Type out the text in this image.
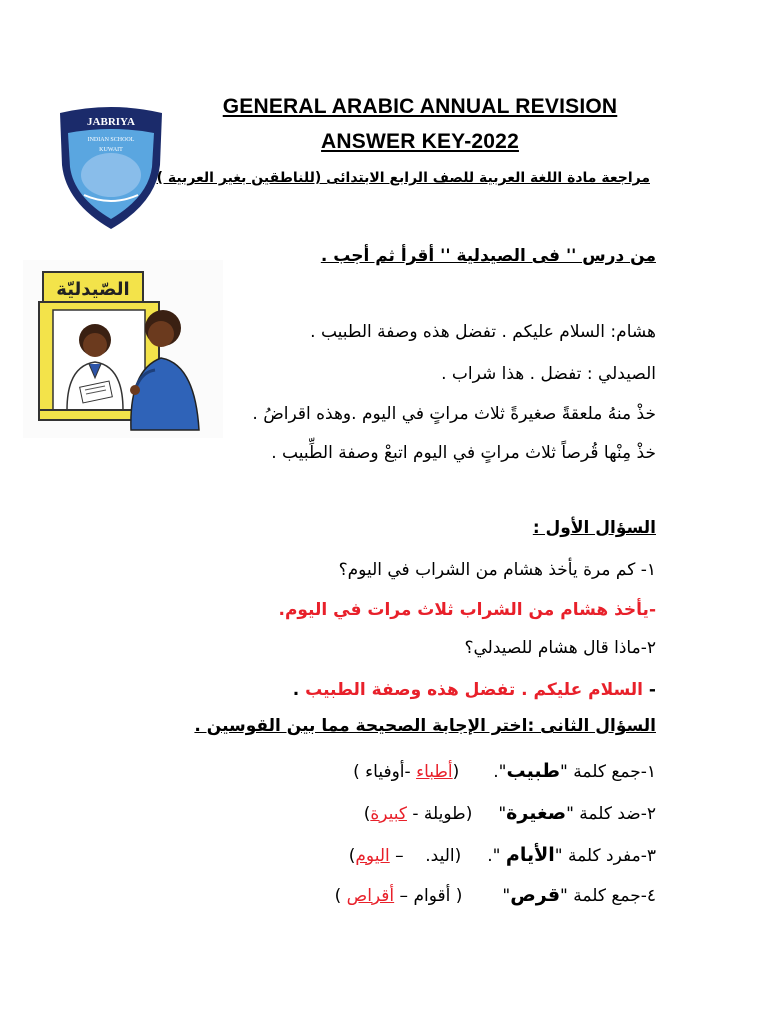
JABRIYA
INDIAN SCHOOL
KUWAIT
GENERAL ARABIC ANNUAL REVISION
ANSWER KEY-2022
مراجعة مادة اللغة العربية للصف الرابع الابتدائى (للناطقين بغير العربية )
الصّيدليّة
من درس '' فى الصيدلية '' أقرأ ثم أجب .
هشام: السلام عليكم . تفضل هذه وصفة الطبيب .
الصيدلي : تفضل . هذا شراب .
خذْ منهُ ملعقةً صغيرةً ثلاث مراتٍ في اليوم .وهذه اقراضُ .
خذْ مِنْها قُرصاً ثلاث مراتٍ في اليوم اتبعْ وصفة الطِّبيب .
السؤال الأول :
١- كم مرة يأخذ هشام من الشراب في اليوم؟
-يأخذ هشام من الشراب ثلاث مرات في اليوم.
٢-ماذا قال هشام للصيدلي؟
- السلام عليكم . تفضل هذه وصفة الطبيب .
السؤال الثانى :اختر الإجابة الصحيحة مما بين القوسين .
١-جمع كلمة "طبيب".(أطباء -أوفياء )
٢-ضد كلمة "صغيرة"(طويلة - كبيرة)
٣-مفرد كلمة "الأيام ".(اليد.    – اليوم)
٤-جمع كلمة "قرص"( أقوام – أقراص )
